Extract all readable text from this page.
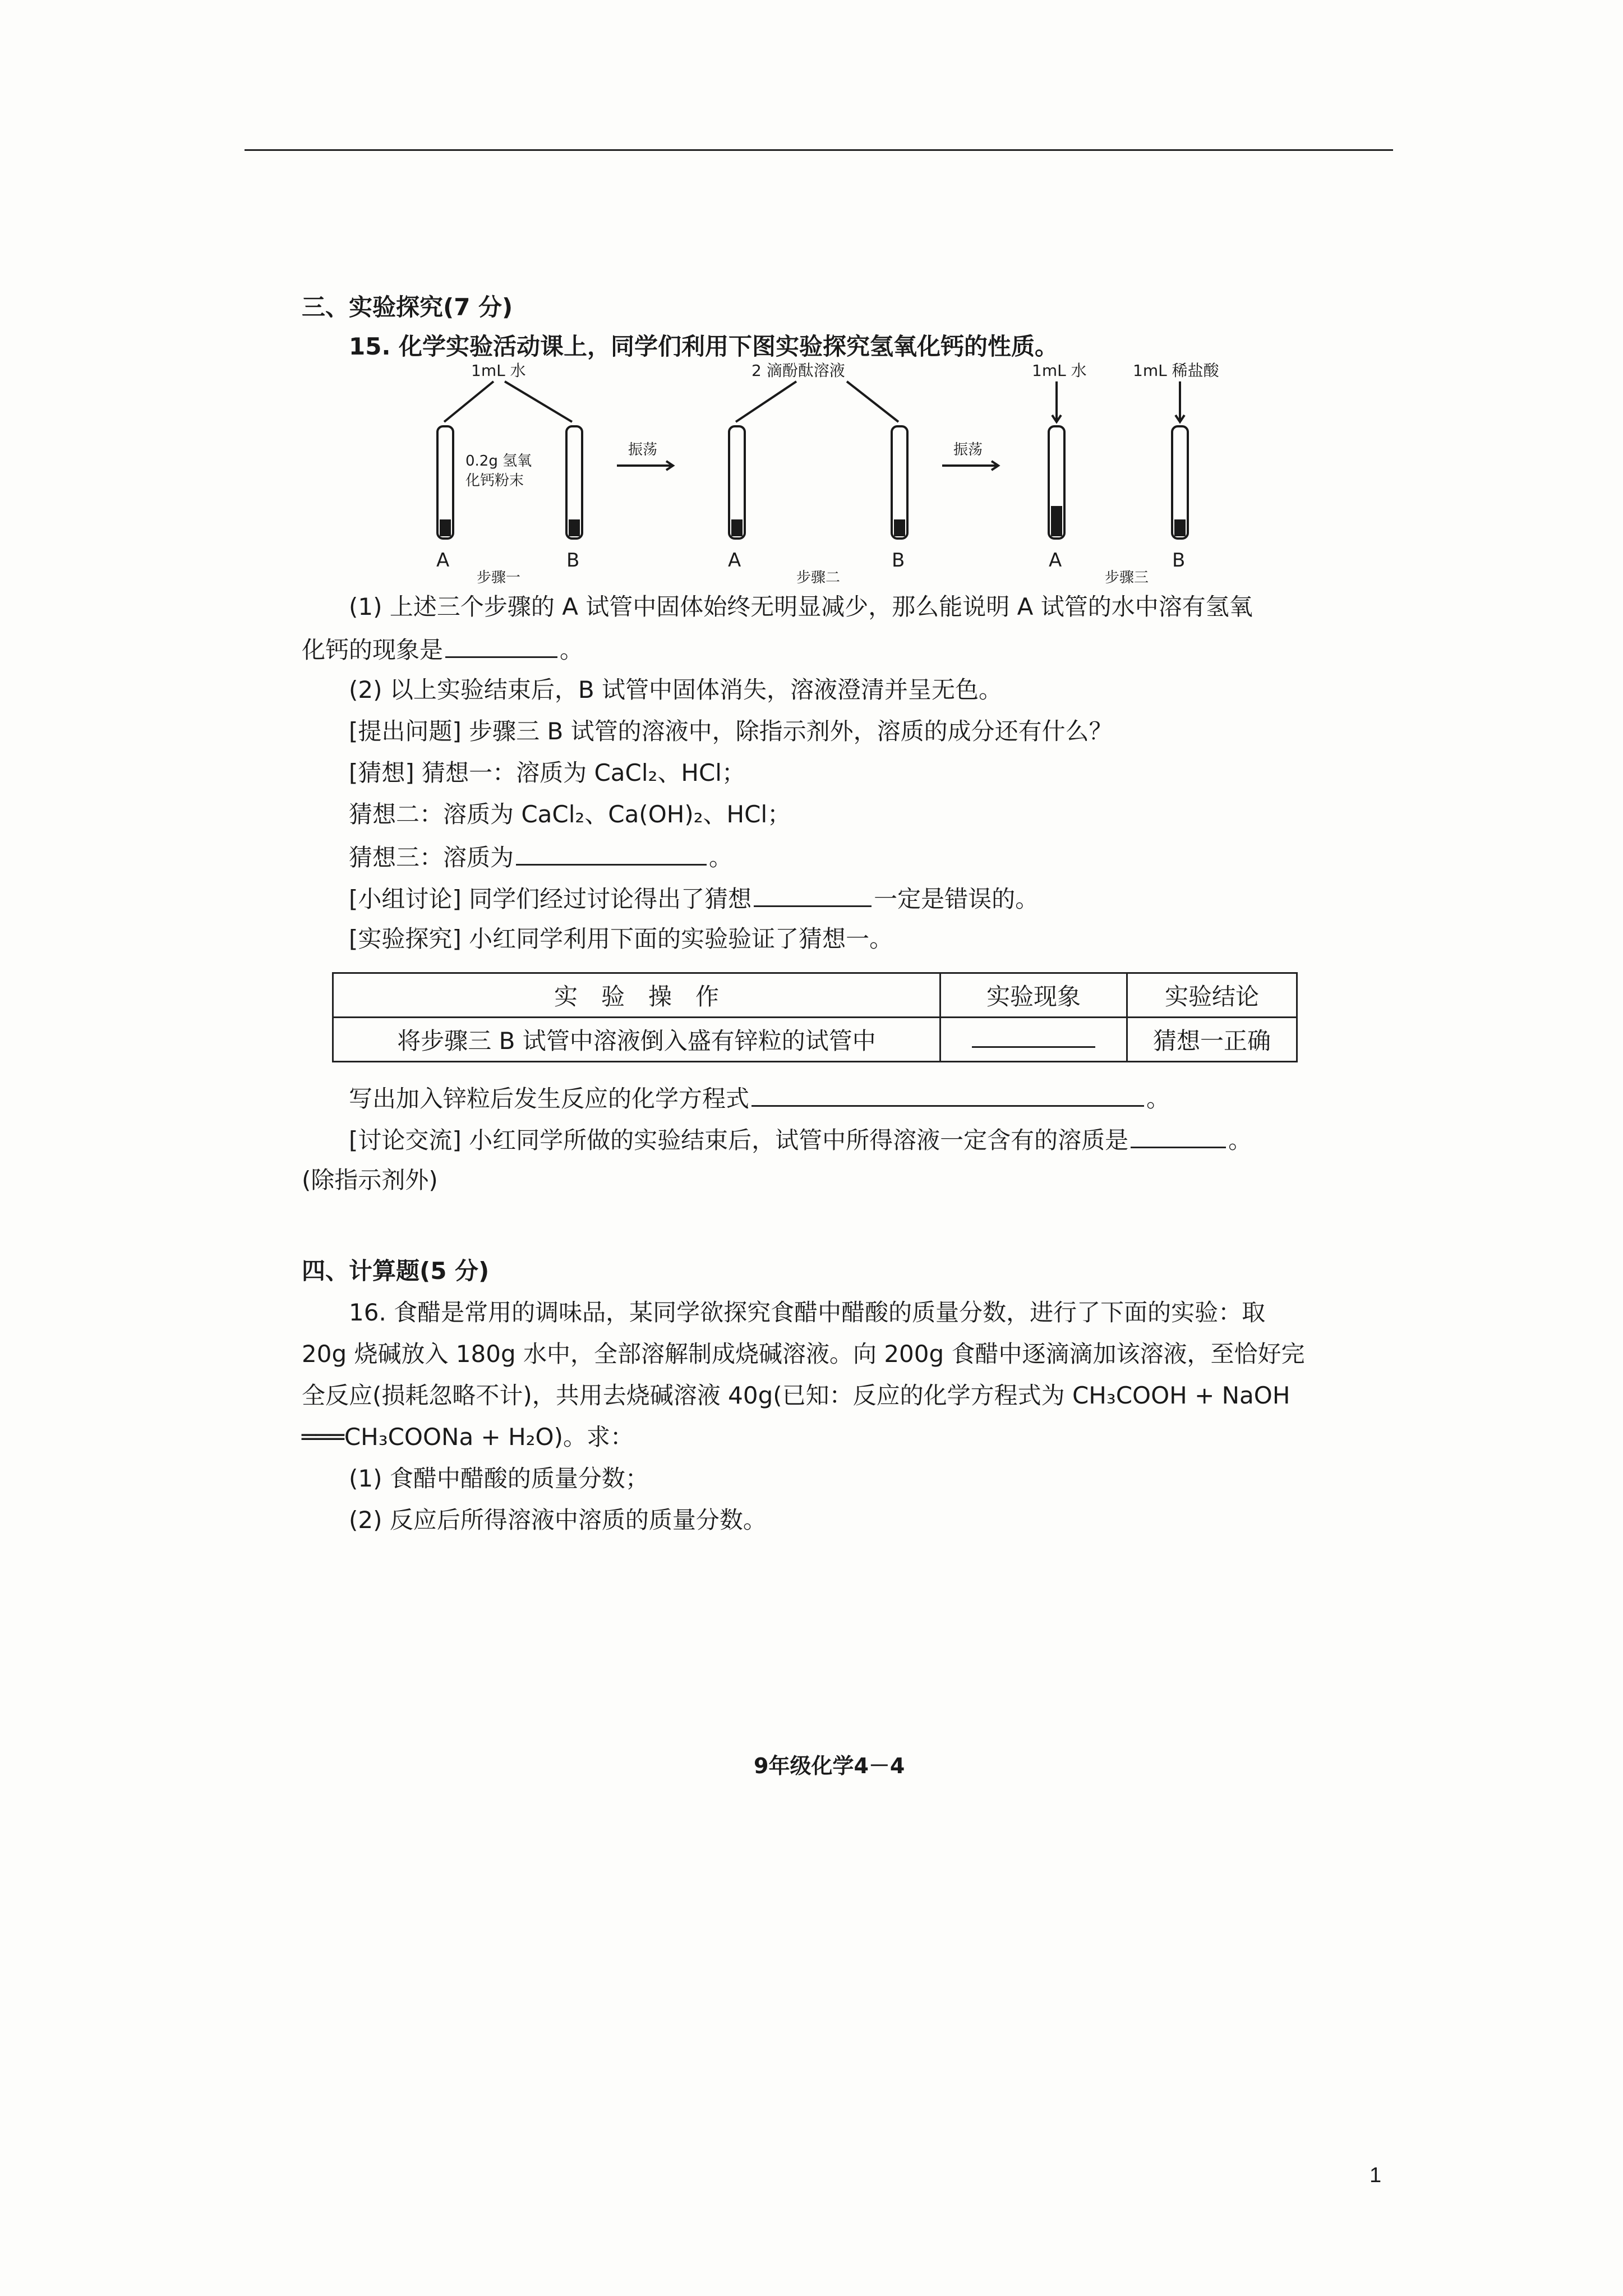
三、实验探究(7 分)
15. 化学实验活动课上，同学们利用下图实验探究氢氧化钙的性质。
1mL 水
0.2g 氢氧
化钙粉末
振荡
2 滴酚酞溶液
振荡
1mL 水	1mL 稀盐酸
A	B	A	B	A	B
步骤一	步骤二	步骤三
(1) 上述三个步骤的 A 试管中固体始终无明显减少，那么能说明 A 试管的水中溶有氢氧
化钙的现象是	。
(2) 以上实验结束后，B 试管中固体消失，溶液澄清并呈无色。
[提出问题] 步骤三 B 试管的溶液中，除指示剂外，溶质的成分还有什么？
[猜想] 猜想一：溶质为 CaCl₂、HCl；
猜想二：溶质为 CaCl₂、Ca(OH)₂、HCl；
猜想三：溶质为	。
[小组讨论] 同学们经过讨论得出了猜想	一定是错误的。
[实验探究] 小红同学利用下面的实验验证了猜想一。
实　验　操　作	实验现象	实验结论
将步骤三 B 试管中溶液倒入盛有锌粒的试管中		猜想一正确
写出加入锌粒后发生反应的化学方程式	。
[讨论交流] 小红同学所做的实验结束后，试管中所得溶液一定含有的溶质是	。
(除指示剂外)
四、计算题(5 分)
16. 食醋是常用的调味品，某同学欲探究食醋中醋酸的质量分数，进行了下面的实验：取
20g 烧碱放入 180g 水中，全部溶解制成烧碱溶液。向 200g 食醋中逐滴滴加该溶液，至恰好完
全反应(损耗忽略不计)，共用去烧碱溶液 40g(已知：反应的化学方程式为 CH₃COOH + NaOH
═══CH₃COONa + H₂O)。求：
(1) 食醋中醋酸的质量分数；
(2) 反应后所得溶液中溶质的质量分数。
9年级化学4－4
1
